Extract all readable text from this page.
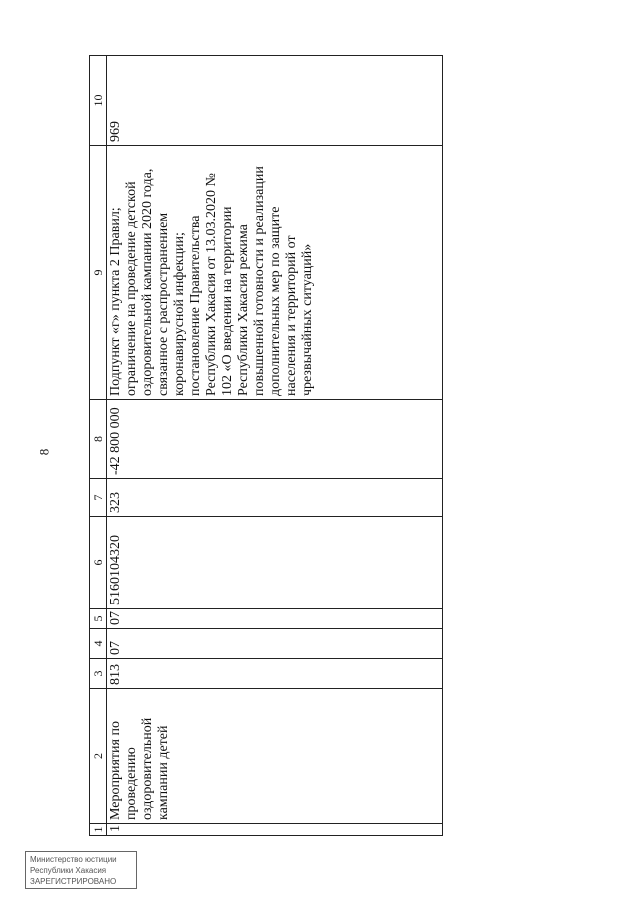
8
1	2	3	4	5	6	7	8	9	10
1	Мероприятия по проведению оздоровительной кампании детей	813	07	07	5160104320	323	-42 800 000	Подпункт «г» пункта 2 Правил; ограничение на проведение детской оздоровительной кампании 2020 года, связанное с распространением коронавирусной инфекции; постановление Правительства Республики Хакасия от 13.03.2020 № 102 «О введении на территории Республики Хакасия режима повышенной готовности и реализации дополнительных мер по защите населения и территорий от чрезвычайных ситуаций»	969
Министерство юстиции
Республики Хакасия
ЗАРЕГИСТРИРОВАНО
